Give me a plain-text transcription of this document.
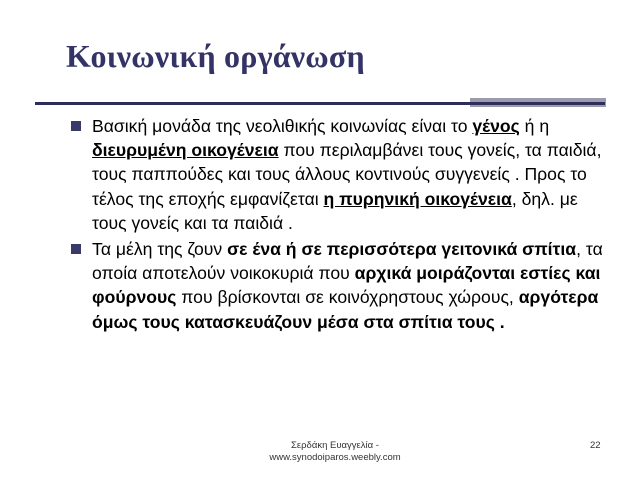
Κοινωνική οργάνωση
Βασική μονάδα της νεολιθικής κοινωνίας είναι το γένος ή η διευρυμένη οικογένεια που περιλαμβάνει τους γονείς, τα παιδιά, τους παππούδες και τους άλλους κοντινούς συγγενείς . Προς το τέλος της εποχής εμφανίζεται η πυρηνική οικογένεια, δηλ. με τους γονείς και τα παιδιά .
Τα μέλη της ζουν σε ένα ή σε περισσότερα γειτονικά σπίτια, τα οποία αποτελούν νοικοκυριά που αρχικά μοιράζονται εστίες και φούρνους που βρίσκονται σε κοινόχρηστους χώρους, αργότερα όμως τους κατασκευάζουν μέσα στα σπίτια τους .
Σερδάκη Ευαγγελία -
www.synodoiparos.weebly.com
22
